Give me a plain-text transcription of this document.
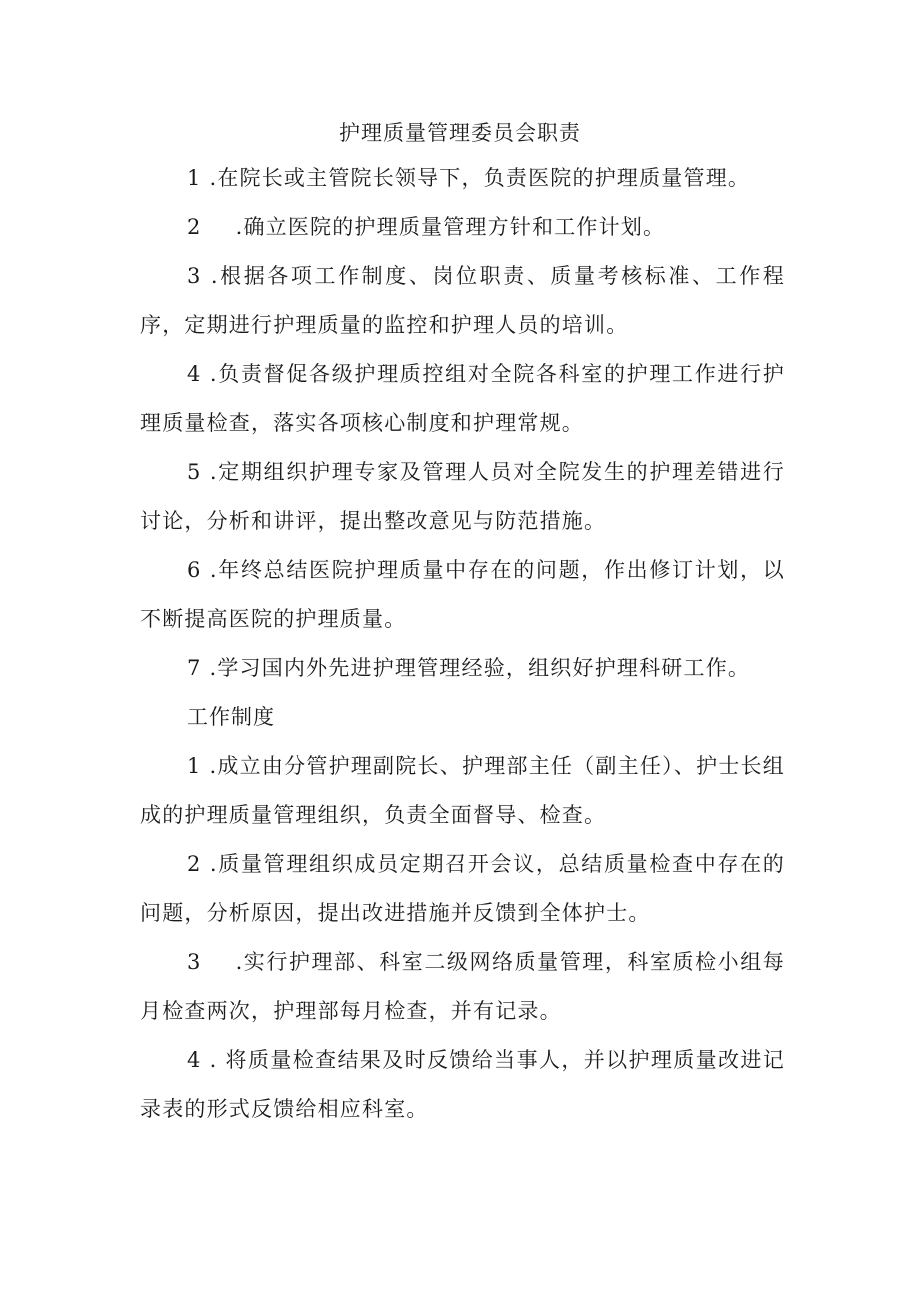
护理质量管理委员会职责

1 .在院长或主管院长领导下，负责医院的护理质量管理。

2 .确立医院的护理质量管理方针和工作计划。

3 .根据各项工作制度、岗位职责、质量考核标准、工作程序，定期进行护理质量的监控和护理人员的培训。

4 .负责督促各级护理质控组对全院各科室的护理工作进行护理质量检查，落实各项核心制度和护理常规。

5 .定期组织护理专家及管理人员对全院发生的护理差错进行讨论，分析和讲评，提出整改意见与防范措施。

6 .年终总结医院护理质量中存在的问题，作出修订计划，以不断提高医院的护理质量。

7 .学习国内外先进护理管理经验，组织好护理科研工作。

工作制度

1 .成立由分管护理副院长、护理部主任（副主任）、护士长组成的护理质量管理组织，负责全面督导、检查。

2 .质量管理组织成员定期召开会议，总结质量检查中存在的问题，分析原因，提出改进措施并反馈到全体护士。

3 .实行护理部、科室二级网络质量管理，科室质检小组每月检查两次，护理部每月检查，并有记录。

4 . 将质量检查结果及时反馈给当事人，并以护理质量改进记录表的形式反馈给相应科室。
